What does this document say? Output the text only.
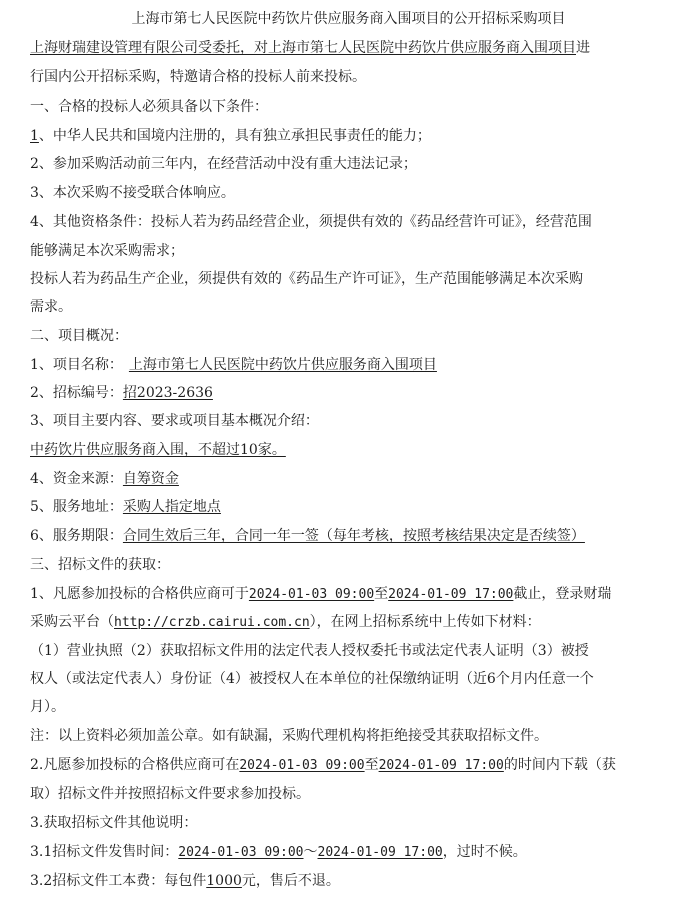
上海市第七人民医院中药饮片供应服务商入围项目的公开招标采购项目
上海财瑞建设管理有限公司受委托，对上海市第七人民医院中药饮片供应服务商入围项目进
行国内公开招标采购，特邀请合格的投标人前来投标。
一、合格的投标人必须具备以下条件：
1、中华人民共和国境内注册的，具有独立承担民事责任的能力；
2、参加采购活动前三年内，在经营活动中没有重大违法记录；
3、本次采购不接受联合体响应。
4、其他资格条件：投标人若为药品经营企业，须提供有效的《药品经营许可证》，经营范围
能够满足本次采购需求；
投标人若为药品生产企业，须提供有效的《药品生产许可证》，生产范围能够满足本次采购
需求。
二、项目概况：
1、项目名称： 上海市第七人民医院中药饮片供应服务商入围项目
2、招标编号：招2023-2636
3、项目主要内容、要求或项目基本概况介绍：
中药饮片供应服务商入围，不超过10家。
4、资金来源：自筹资金
5、服务地址：采购人指定地点
6、服务期限：合同生效后三年，合同一年一签（每年考核，按照考核结果决定是否续签）
三、招标文件的获取：
1、凡愿参加投标的合格供应商可于2024-01-03 09:00至2024-01-09 17:00截止，登录财瑞
采购云平台（http://crzb.cairui.com.cn），在网上招标系统中上传如下材料：
（1）营业执照（2）获取招标文件用的法定代表人授权委托书或法定代表人证明（3）被授
权人（或法定代表人）身份证（4）被授权人在本单位的社保缴纳证明（近6个月内任意一个
月）。
注：以上资料必须加盖公章。如有缺漏，采购代理机构将拒绝接受其获取招标文件。
2.凡愿参加投标的合格供应商可在2024-01-03 09:00至2024-01-09 17:00的时间内下载（获
取）招标文件并按照招标文件要求参加投标。
3.获取招标文件其他说明：
3.1招标文件发售时间：2024-01-03 09:00～2024-01-09 17:00，过时不候。
3.2招标文件工本费：每包件1000元，售后不退。
